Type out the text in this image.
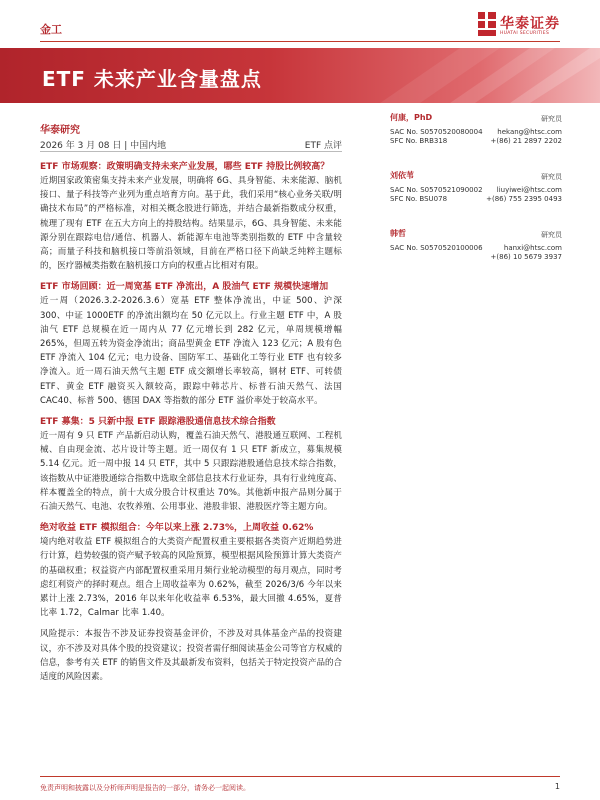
金工	华泰证券
HUATAI SECURITIES
ETF 未来产业含量盘点
华泰研究
2026 年 3 月 08 日 | 中国内地	ETF 点评
ETF 市场观察：政策明确支持未来产业发展，哪些 ETF 持股比例较高？
近期国家政策密集支持未来产业发展，明确将 6G、具身智能、未来能源、脑机接口、量子科技等产业列为重点培育方向。基于此，我们采用“核心业务关联/明确技术布局”的严格标准，对相关概念股进行筛选，并结合最新指数成分权重，梳理了现有 ETF 在五大方向上的持股结构。结果显示，6G、具身智能、未来能源分别在跟踪电信/通信、机器人、新能源车电池等类别指数的 ETF 中含量较高；而量子科技和脑机接口等前沿领域，目前在严格口径下尚缺乏纯粹主题标的，医疗器械类指数在脑机接口方向的权重占比相对有限。
ETF 市场回顾：近一周宽基 ETF 净流出，A 股油气 ETF 规模快速增加
近一周（2026.3.2-2026.3.6）宽基 ETF 整体净流出，中证 500、沪深 300、中证 1000ETF 的净流出额均在 50 亿元以上。行业主题 ETF 中，A 股油气 ETF 总规模在近一周内从 77 亿元增长到 282 亿元，单周规模增幅 265%，但周五转为资金净流出；商品型黄金 ETF 净流入 123 亿元；A 股有色 ETF 净流入 104 亿元；电力设备、国防军工、基础化工等行业 ETF 也有较多净流入。近一周石油天然气主题 ETF 成交额增长率较高，钢材 ETF、可转债 ETF、黄金 ETF 融资买入额较高，跟踪中韩芯片、标普石油天然气、法国 CAC40、标普 500、德国 DAX 等指数的部分 ETF 溢价率处于较高水平。
ETF 募集：5 只新中报 ETF 跟踪港股通信息技术综合指数
近一周有 9 只 ETF 产品新启动认购，覆盖石油天然气、港股通互联网、工程机械、自由现金流、芯片设计等主题。近一周仅有 1 只 ETF 新成立，募集规模 5.14 亿元。近一周中报 14 只 ETF，其中 5 只跟踪港股通信息技术综合指数，该指数从中证港股通综合指数中选取全部信息技术行业证券，具有行业纯度高、样本覆盖全的特点，前十大成分股合计权重达 70%。其他新申报产品则分属于石油天然气、电池、农牧养殖、公用事业、港股非银、港股医疗等主题方向。
绝对收益 ETF 模拟组合：今年以来上涨 2.73%，上周收益 0.62%
境内绝对收益 ETF 模拟组合的大类资产配置权重主要根据各类资产近期趋势进行计算，趋势较强的资产赋予较高的风险预算，模型根据风险预算计算大类资产的基础权重；权益资产内部配置权重采用月频行业轮动模型的每月观点，同时考虑红利资产的择时观点。组合上周收益率为 0.62%，截至 2026/3/6 今年以来累计上涨 2.73%，2016 年以来年化收益率 6.53%，最大回撤 4.65%，夏普比率 1.72，Calmar 比率 1.40。
风险提示：本报告不涉及证券投资基金评价，不涉及对具体基金产品的投资建议，亦不涉及对具体个股的投资建议；投资者需仔细阅读基金公司等官方权威的信息，参考有关 ETF 的销售文件及其最新发布资料，包括关于特定投资产品的合适度的风险因素。
何康，PhD	研究员
SAC No. S0570520080004
SFC No. BRB318
hekang@htsc.com
+(86) 21 2897 2202
刘依苇	研究员
SAC No. S0570521090002
SFC No. BSU078
liuyiwei@htsc.com
+(86) 755 2395 0493
韩哲	研究员
SAC No. S0570520100006	hanxi@htsc.com
+(86) 10 5679 3937
免责声明和披露以及分析师声明是报告的一部分，请务必一起阅读。	1
